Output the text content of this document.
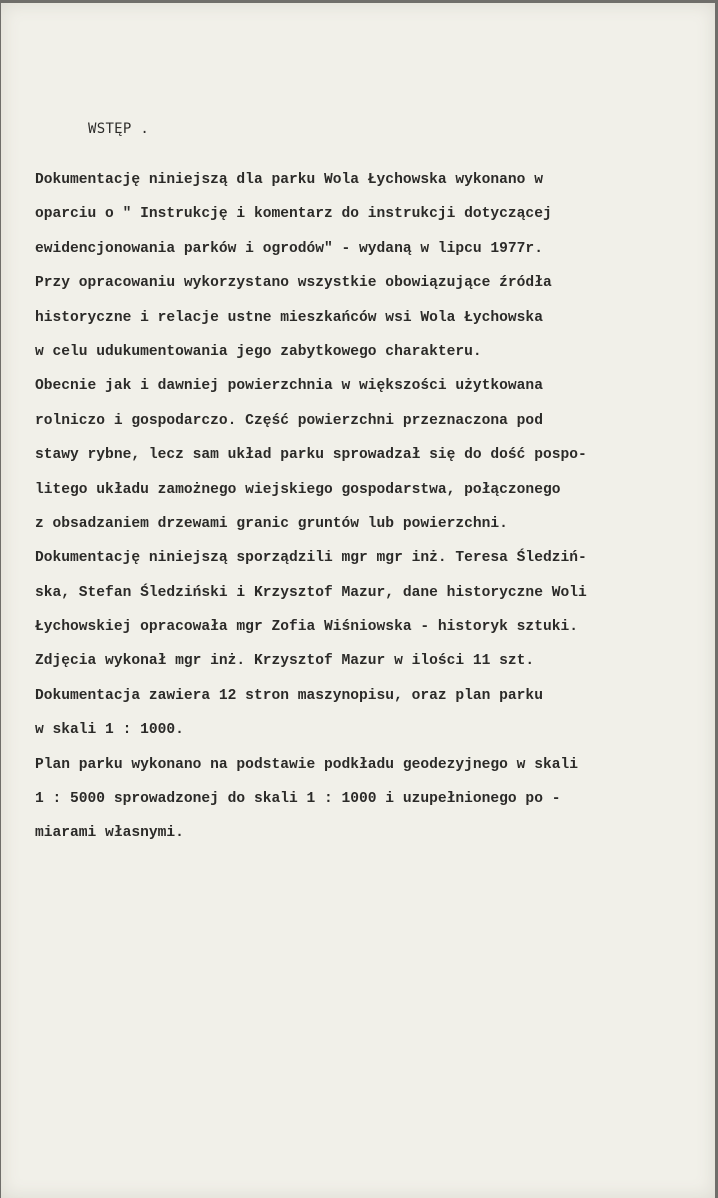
WSTĘP .
Dokumentację niniejszą dla parku Wola Łychowska wykonano w
oparciu o " Instrukcję i komentarz do instrukcji dotyczącej
ewidencjonowania parków i ogrodów" - wydaną w lipcu 1977r.
Przy opracowaniu wykorzystano wszystkie obowiązujące źródła
historyczne i relacje ustne mieszkańców wsi Wola Łychowska
w celu udukumentowania jego zabytkowego charakteru.
Obecnie jak i dawniej powierzchnia w większości użytkowana
rolniczo i gospodarczo. Część powierzchni przeznaczona pod
stawy rybne, lecz sam układ parku sprowadzał się do dość pospo-
litego układu zamożnego wiejskiego gospodarstwa, połączonego
z obsadzaniem drzewami granic gruntów lub powierzchni.
Dokumentację niniejszą sporządzili mgr mgr inż. Teresa Śledziń-
ska, Stefan Śledziński i Krzysztof Mazur, dane historyczne Woli
Łychowskiej opracowała mgr Zofia Wiśniowska - historyk sztuki.
Zdjęcia wykonał mgr inż. Krzysztof Mazur w ilości 11 szt.
Dokumentacja zawiera 12 stron maszynopisu, oraz plan parku
w skali 1 : 1000.
Plan parku wykonano na podstawie podkładu geodezyjnego w skali
1 : 5000 sprowadzonej do skali 1 : 1000 i uzupełnionego po -
miarami własnymi.
